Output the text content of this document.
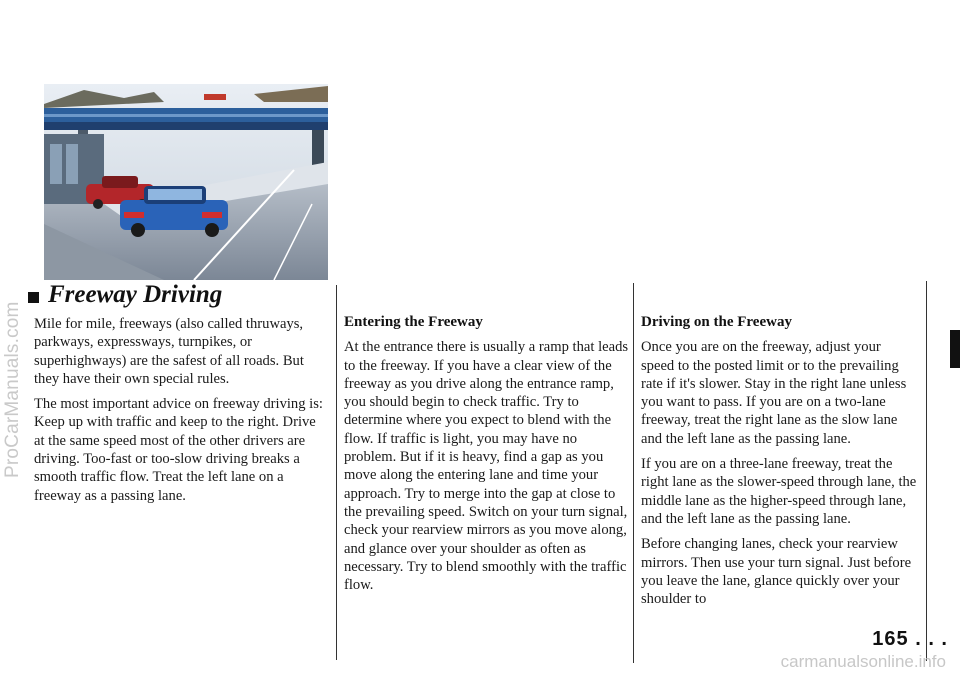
ProCarManuals.com
Freeway Driving

Mile for mile, freeways (also called thruways, parkways, expressways, turnpikes, or superhighways) are the safest of all roads. But they have their own special rules.

The most important advice on freeway driving is: Keep up with traffic and keep to the right. Drive at the same speed most of the other drivers are driving. Too-fast or too-slow driving breaks a smooth traffic flow. Treat the left lane on a freeway as a passing lane.

Entering the Freeway

At the entrance there is usually a ramp that leads to the freeway. If you have a clear view of the freeway as you drive along the entrance ramp, you should begin to check traffic. Try to determine where you expect to blend with the flow. If traffic is light, you may have no problem. But if it is heavy, find a gap as you move along the entering lane and time your approach. Try to merge into the gap at close to the prevailing speed. Switch on your turn signal, check your rearview mirrors as you move along, and glance over your shoulder as often as necessary. Try to blend smoothly with the traffic flow.

Driving on the Freeway

Once you are on the freeway, adjust your speed to the posted limit or to the prevailing rate if it's slower. Stay in the right lane unless you want to pass. If you are on a two-lane freeway, treat the right lane as the slow lane and the left lane as the passing lane.

If you are on a three-lane freeway, treat the right lane as the slower-speed through lane, the middle lane as the higher-speed through lane, and the left lane as the passing lane.

Before changing lanes, check your rearview mirrors. Then use your turn signal. Just before you leave the lane, glance quickly over your shoulder to

165 . . .
carmanualsonline.info
